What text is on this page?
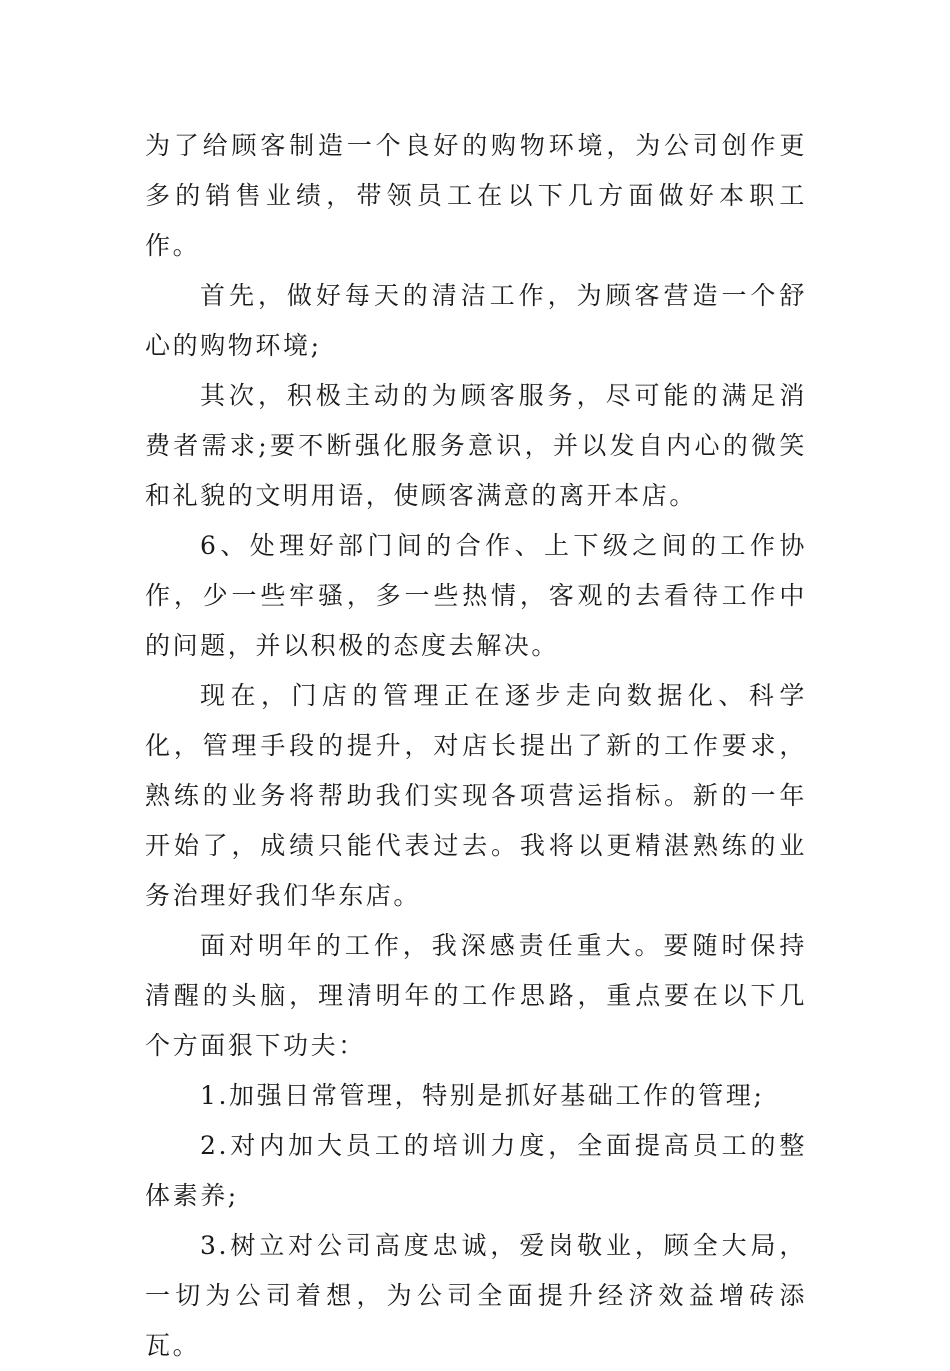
为了给顾客制造一个良好的购物环境，为公司创作更多的销售业绩，带领员工在以下几方面做好本职工作。

首先，做好每天的清洁工作，为顾客营造一个舒心的购物环境;

其次，积极主动的为顾客服务，尽可能的满足消费者需求;要不断强化服务意识，并以发自内心的微笑和礼貌的文明用语，使顾客满意的离开本店。

6、处理好部门间的合作、上下级之间的工作协作，少一些牢骚，多一些热情，客观的去看待工作中的问题，并以积极的态度去解决。

现在，门店的管理正在逐步走向数据化、科学化，管理手段的提升，对店长提出了新的工作要求，熟练的业务将帮助我们实现各项营运指标。新的一年开始了，成绩只能代表过去。我将以更精湛熟练的业务治理好我们华东店。

面对明年的工作，我深感责任重大。要随时保持清醒的头脑，理清明年的工作思路，重点要在以下几个方面狠下功夫：

1.加强日常管理，特别是抓好基础工作的管理;

2.对内加大员工的培训力度，全面提高员工的整体素养;

3.树立对公司高度忠诚，爱岗敬业，顾全大局，一切为公司着想，为公司全面提升经济效益增砖添瓦。
